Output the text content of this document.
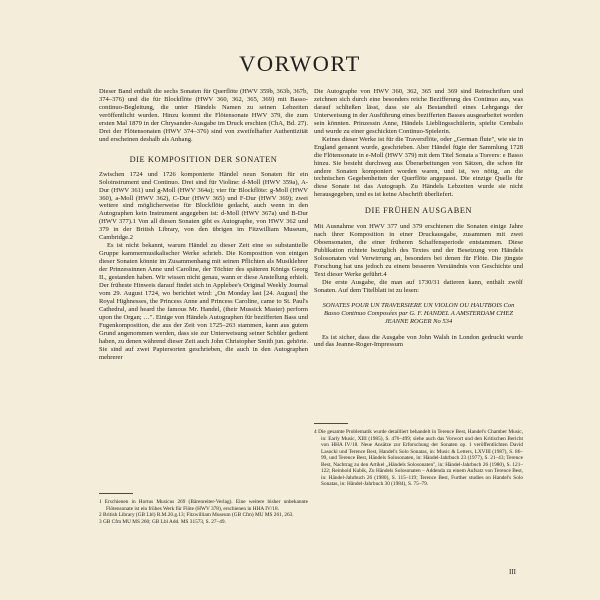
VORWORT

Dieser Band enthält die sechs Sonaten für Querflöte (HWV 359b, 363b, 367b, 374–376) und die für Blockflöte (HWV 360, 362, 365, 369) mit Basso-continuo-Begleitung, die unter Händels Namen zu seinen Lebzeiten veröffentlicht wurden. Hinzu kommt die Flötensonate HWV 379, die zum ersten Mal 1879 in der Chrysander-Ausgabe im Druck erschien (ChA, Bd. 27). Drei der Flötensonaten (HWV 374–376) sind von zweifelhafter Authentizität und erscheinen deshalb als Anhang.

DIE KOMPOSITION DER SONATEN

Zwischen 1724 und 1726 komponierte Händel neun Sonaten für ein Soloinstrument und Continuo. Drei sind für Violine: d-Moll (HWV 359a), A-Dur (HWV 361) und g-Moll (HWV 364a); vier für Blockflöte: g-Moll (HWV 360), a-Moll (HWV 362), C-Dur (HWV 365) und F-Dur (HWV 369); zwei weitere sind möglicherweise für Blockflöte gedacht, auch wenn in den Autographen kein Instrument angegeben ist: d-Moll (HWV 367a) und B-Dur (HWV 377).1 Von all diesen Sonaten gibt es Autographe, von HWV 362 und 379 in der British Library, von den übrigen im Fitzwilliam Museum, Cambridge.2

Es ist nicht bekannt, warum Händel zu dieser Zeit eine so substantielle Gruppe kammermusikalischer Werke schrieb. Die Komposition von einigen dieser Sonaten könnte im Zusammenhang mit seinen Pflichten als Musiklehrer der Prinzessinnen Anne und Caroline, der Töchter des späteren Königs Georg II., gestanden haben. Wir wissen nicht genau, wann er diese Anstellung erhielt. Der früheste Hinweis darauf findet sich in Applebee's Original Weekly Journal vom 29. August 1724, wo berichtet wird: „On Monday last [24. August] the Royal Highnesses, the Princess Anne and Princess Caroline, came to St. Paul's Cathedral, and heard the famous Mr. Handel, (their Mussick Master) perform upon the Organ; …". Einige von Händels Autographen für bezifferten Bass und Fugenkomposition, die aus der Zeit von 1725–263 stammen, kann aus gutem Grund angenommen werden, dass sie zur Unterweisung seiner Schüler gedient haben, zu denen während dieser Zeit auch John Christopher Smith jun. gehörte. Sie sind auf zwei Papiersorten geschrieben, die auch in den Autographen mehrerer

1 Erschienen in Hortus Musicus 269 (Bärenreiter-Verlag). Eine weitere bisher unbekannte Flötensonate ist ein frühes Werk für Flöte (HWV 378), erschienen in HHA IV/18.

2 British Library (GB Lbl) R.M.20.g.13; Fitzwilliam Museum (GB Cfm) MU MS 261, 263.

3 GB Cfm MU MS 260; GB Lbl Add. MS 31573, S. 27–49.

Die Autographe von HWV 360, 362, 365 und 369 sind Reinschriften und zeichnen sich durch eine besonders reiche Bezifferung des Continuo aus, was darauf schließen lässt, dass sie als Bestandteil eines Lehrgangs der Unterweisung in der Ausführung eines bezifferten Basses ausgearbeitet worden sein könnten. Prinzessin Anne, Händels Lieblingsschülerin, spielte Cembalo und wurde zu einer geschickten Continuo-Spielerin.

Keines dieser Werke ist für die Traversflöte, oder „German flute", wie sie in England genannt wurde, geschrieben. Aber Händel fügte der Sammlung 1728 die Flötensonate in e-Moll (HWV 379) mit dem Titel Sonata a Travers: e Basso hinzu. Sie besteht durchweg aus Überarbeitungen von Sätzen, die schon für andere Sonaten komponiert worden waren, und ist, wo nötig, an die technischen Gegebenheiten der Querflöte angepasst. Die einzige Quelle für diese Sonate ist das Autograph. Zu Händels Lebzeiten wurde sie nicht herausgegeben, und es ist keine Abschrift überliefert.

DIE FRÜHEN AUSGABEN

Mit Ausnahme von HWV 377 und 379 erschienen die Sonaten einige Jahre nach ihrer Komposition in einer Druckausgabe, zusammen mit zwei Oboensonaten, die einer früheren Schaffensperiode entstammen. Diese Publikation richtete bezüglich des Textes und der Besetzung von Händels Solosonaten viel Verwirrung an, besonders bei denen für Flöte. Die jüngste Forschung hat uns jedoch zu einem besseren Verständnis von Geschichte und Text dieser Werke geführt.4

Die erste Ausgabe, die man auf 1730/31 datieren kann, enthält zwölf Sonaten. Auf dem Titelblatt ist zu lesen:

SONATES POUR UN TRAVERSIERE UN VIOLON OU HAUTBOIS Con Basso Continuo Composées par G. F. HANDEL A AMSTERDAM CHEZ JEANNE ROGER No 534

Es ist sicher, dass die Ausgabe von John Walsh in London gedruckt wurde und das Jeanne-Roger-Impressum

4 Die gesamte Problematik wurde detailliert behandelt in Terence Best, Handel's Chamber Music, in: Early Music, XIII (1985), S. 476–499; siehe auch das Vorwort und den Kritischen Bericht von HHA IV/18. Neue Ansätze zur Erforschung der Sonaten op. 1 veröffentlichten David Lasocki und Terence Best, Handel's Solo Sonatas, in: Music & Letters, LXVIII (1987), S. 86–99, und Terence Best, Händels Solosonaten, in: Händel-Jahrbuch 23 (1977), S. 21–43; Terence Best, Nachtrag zu den Artikel „Händels Solosonaten", in: Händel-Jahrbuch 26 (1980), S. 121–122; Reinhold Kubik, Zu Händels Solosonaten – Addenda zu einem Aufsatz von Terence Best, in: Händel-Jahrbuch 26 (1980), S. 115–119; Terence Best, Further studies on Handel's Solo Sonatas, in: Händel-Jahrbuch 30 (1984), S. 75–79.

III
